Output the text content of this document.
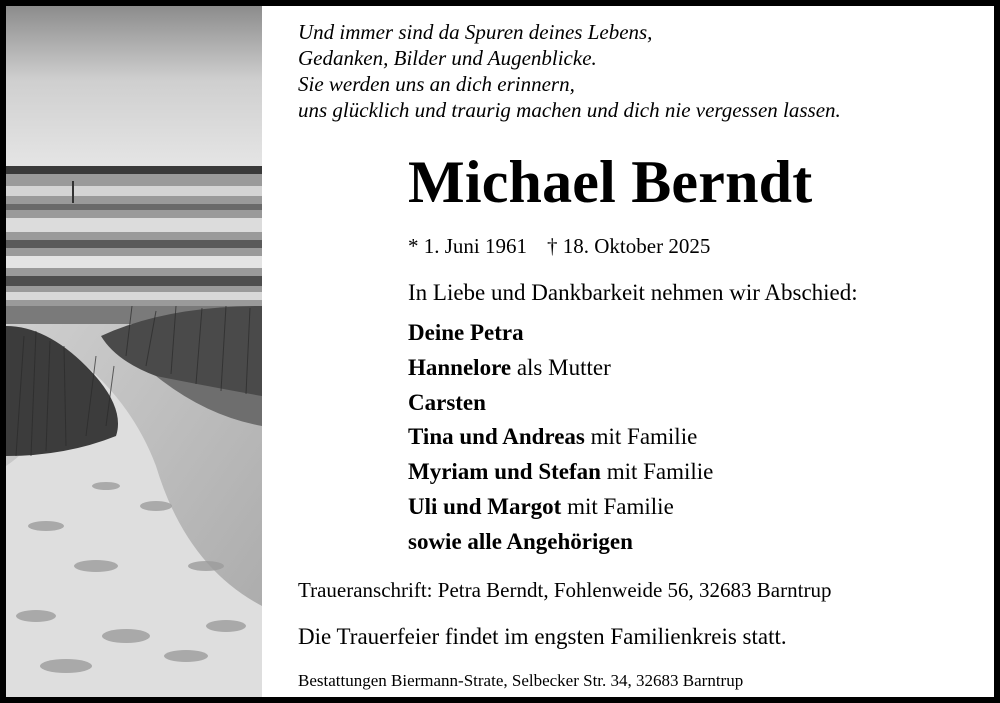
Und immer sind da Spuren deines Lebens,
Gedanken, Bilder und Augenblicke.
Sie werden uns an dich erinnern,
uns glücklich und traurig machen und dich nie vergessen lassen.
Michael Berndt
* 1. Juni 1961 † 18. Oktober 2025
In Liebe und Dankbarkeit nehmen wir Abschied:
Deine Petra
Hannelore als Mutter
Carsten
Tina und Andreas mit Familie
Myriam und Stefan mit Familie
Uli und Margot mit Familie
sowie alle Angehörigen
Traueranschrift: Petra Berndt, Fohlenweide 56, 32683 Barntrup
Die Trauerfeier findet im engsten Familienkreis statt.
Bestattungen Biermann-Strate, Selbecker Str. 34, 32683 Barntrup
